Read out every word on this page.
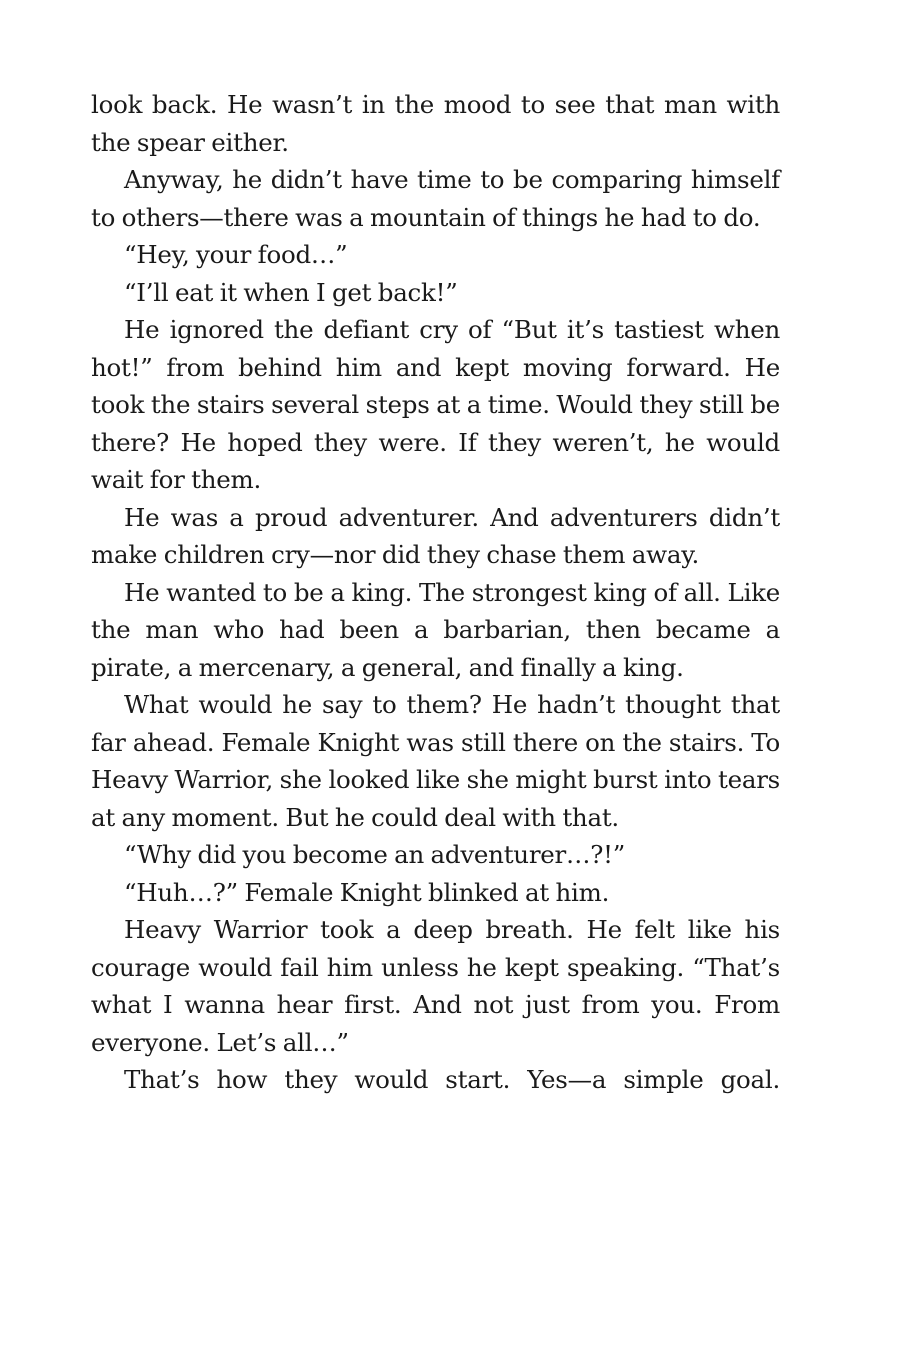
look back. He wasn’t in the mood to see that man with the spear either.

Anyway, he didn’t have time to be comparing himself to others—there was a mountain of things he had to do.

“Hey, your food…”

“I’ll eat it when I get back!”

He ignored the defiant cry of “But it’s tastiest when hot!” from behind him and kept moving forward. He took the stairs several steps at a time. Would they still be there? He hoped they were. If they weren’t, he would wait for them.

He was a proud adventurer. And adventurers didn’t make children cry—nor did they chase them away.

He wanted to be a king. The strongest king of all. Like the man who had been a barbarian, then became a pirate, a mercenary, a general, and finally a king.

What would he say to them? He hadn’t thought that far ahead. Female Knight was still there on the stairs. To Heavy Warrior, she looked like she might burst into tears at any moment. But he could deal with that.

“Why did you become an adventurer…?!”

“Huh…?” Female Knight blinked at him.

Heavy Warrior took a deep breath. He felt like his courage would fail him unless he kept speaking. “That’s what I wanna hear first. And not just from you. From everyone. Let’s all…”

That’s how they would start. Yes—a simple goal.
